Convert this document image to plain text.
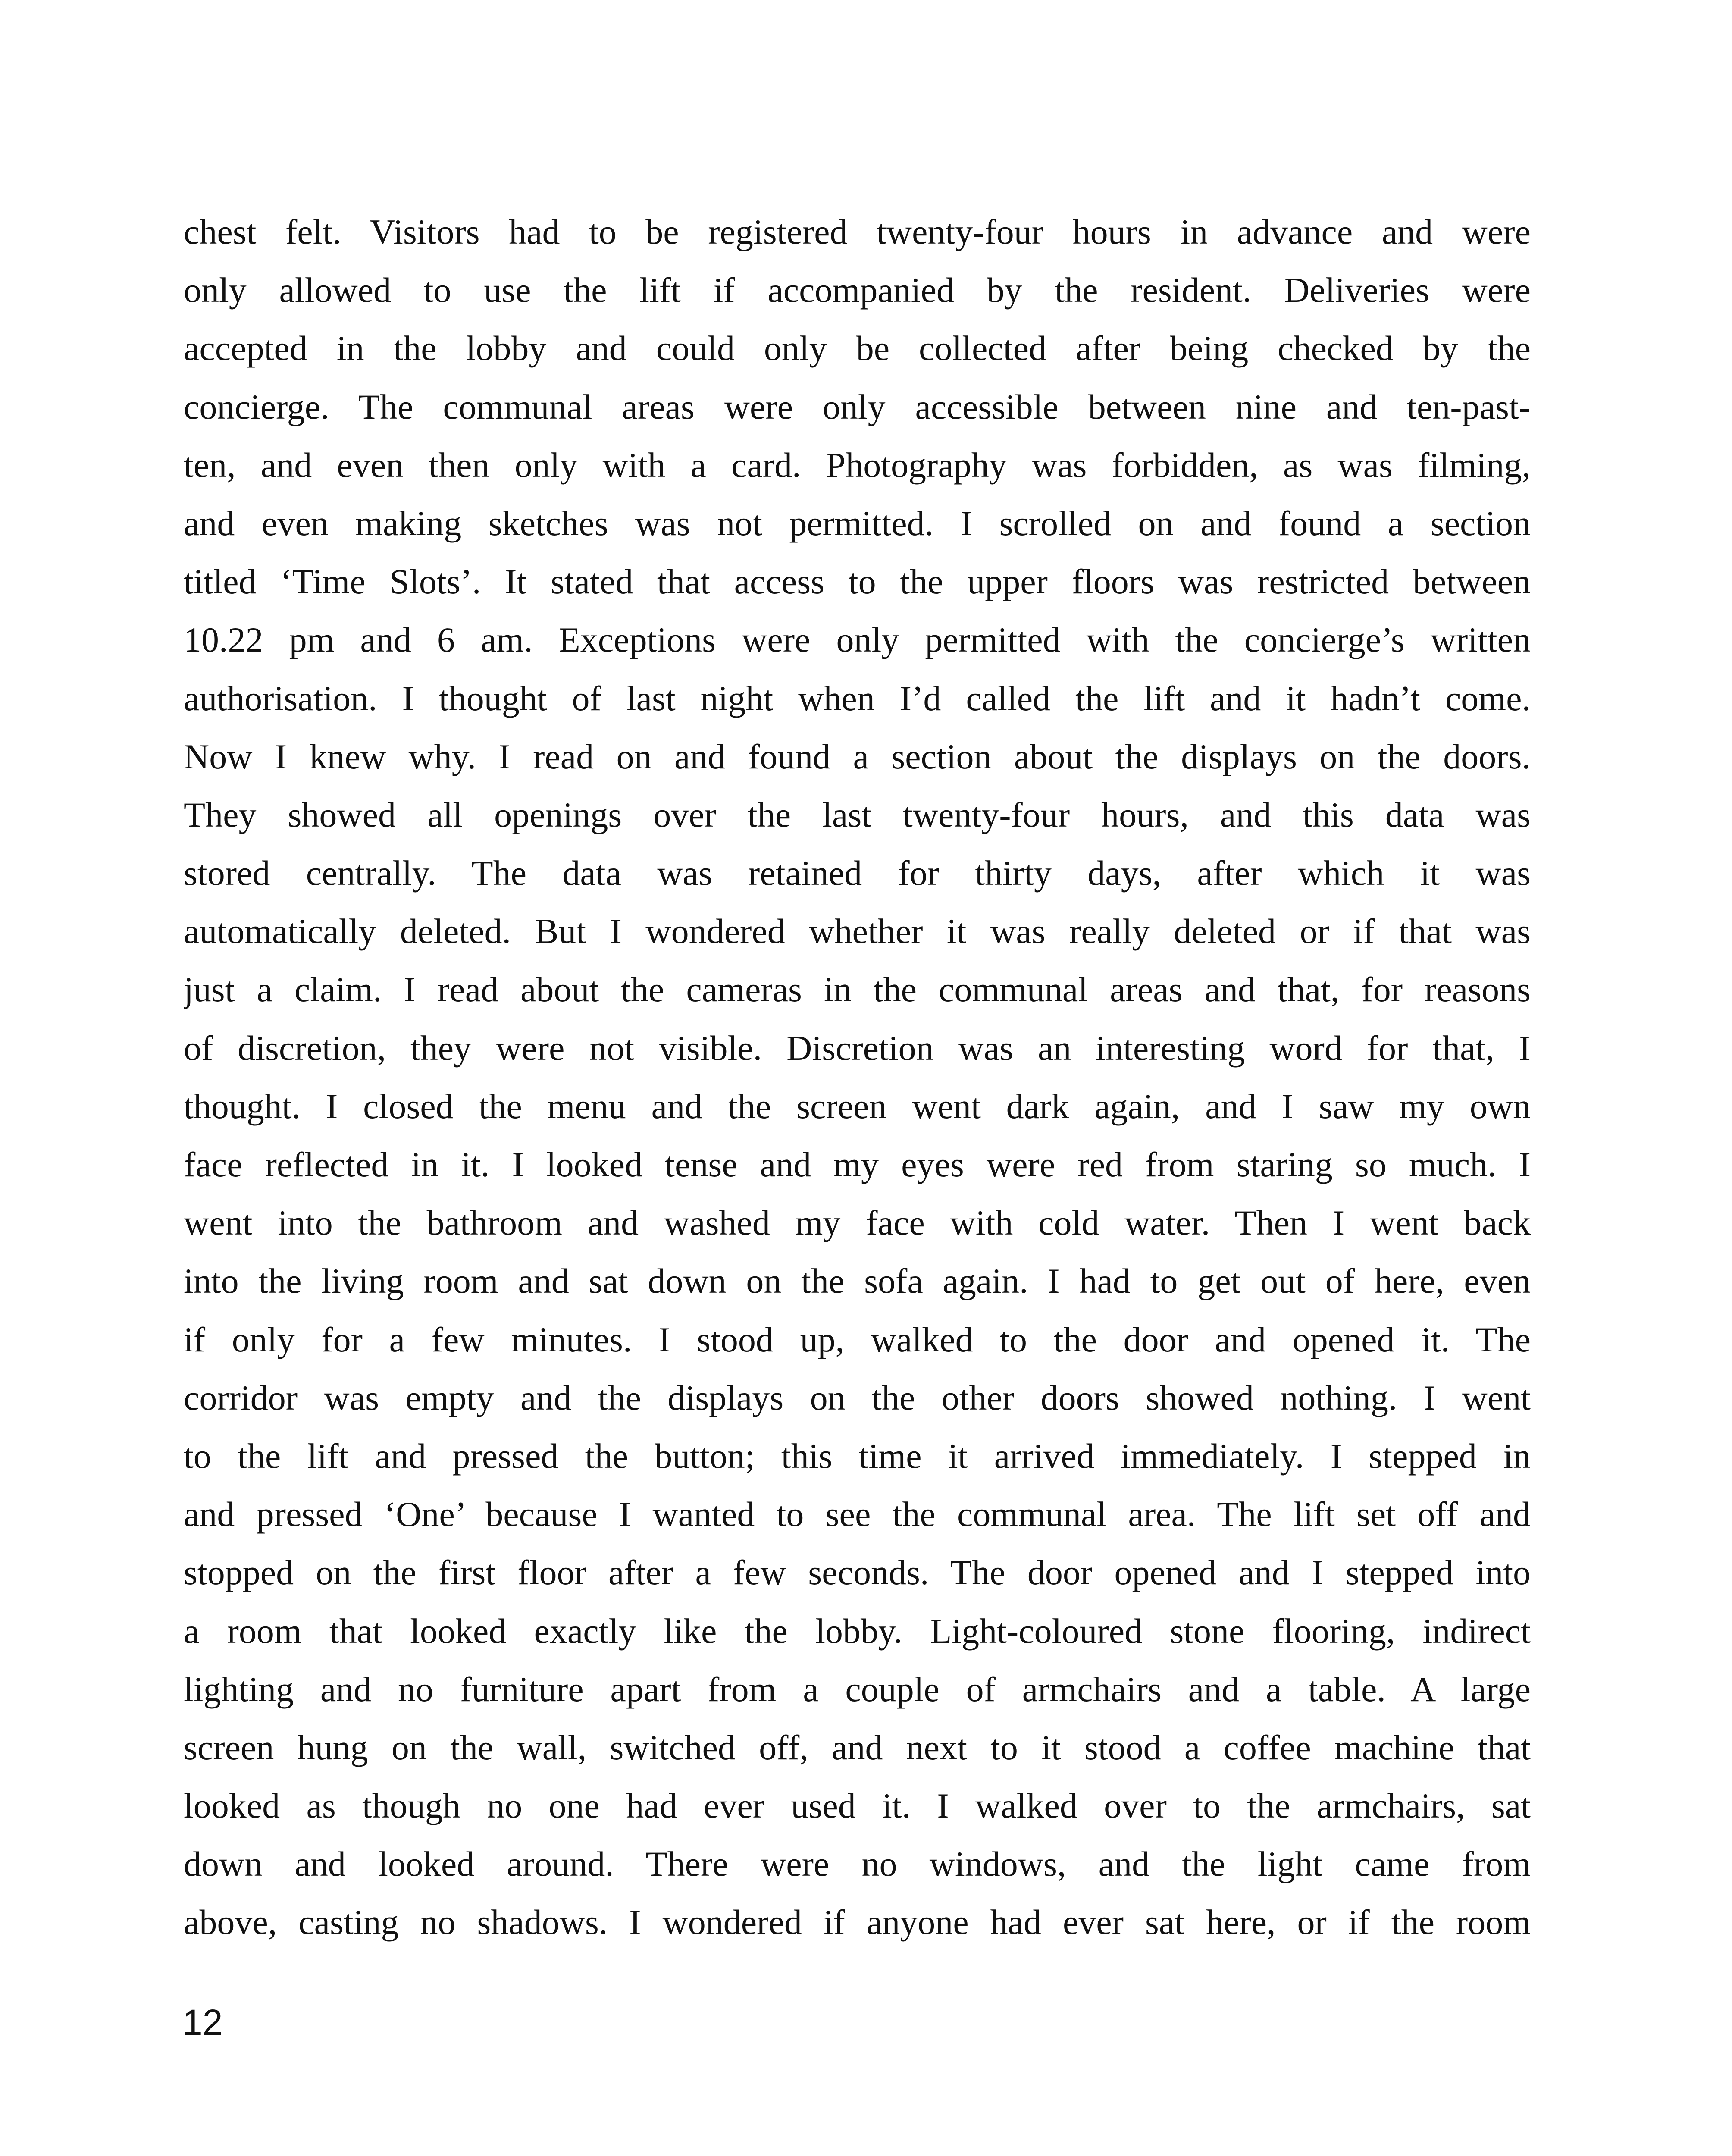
chest felt. Visitors had to be registered twenty-four hours in advance and were
only allowed to use the lift if accompanied by the resident. Deliveries were
accepted in the lobby and could only be collected after being checked by the
concierge. The communal areas were only accessible between nine and ten-past-
ten, and even then only with a card. Photography was forbidden, as was filming,
and even making sketches was not permitted. I scrolled on and found a section
titled ‘Time Slots’. It stated that access to the upper floors was restricted between
10.22 pm and 6 am. Exceptions were only permitted with the concierge’s written
authorisation. I thought of last night when I’d called the lift and it hadn’t come.
Now I knew why. I read on and found a section about the displays on the doors.
They showed all openings over the last twenty-four hours, and this data was
stored centrally. The data was retained for thirty days, after which it was
automatically deleted. But I wondered whether it was really deleted or if that was
just a claim. I read about the cameras in the communal areas and that, for reasons
of discretion, they were not visible. Discretion was an interesting word for that, I
thought. I closed the menu and the screen went dark again, and I saw my own
face reflected in it. I looked tense and my eyes were red from staring so much. I
went into the bathroom and washed my face with cold water. Then I went back
into the living room and sat down on the sofa again. I had to get out of here, even
if only for a few minutes. I stood up, walked to the door and opened it. The
corridor was empty and the displays on the other doors showed nothing. I went
to the lift and pressed the button; this time it arrived immediately. I stepped in
and pressed ‘One’ because I wanted to see the communal area. The lift set off and
stopped on the first floor after a few seconds. The door opened and I stepped into
a room that looked exactly like the lobby. Light-coloured stone flooring, indirect
lighting and no furniture apart from a couple of armchairs and a table. A large
screen hung on the wall, switched off, and next to it stood a coffee machine that
looked as though no one had ever used it. I walked over to the armchairs, sat
down and looked around. There were no windows, and the light came from
above, casting no shadows. I wondered if anyone had ever sat here, or if the room
12
